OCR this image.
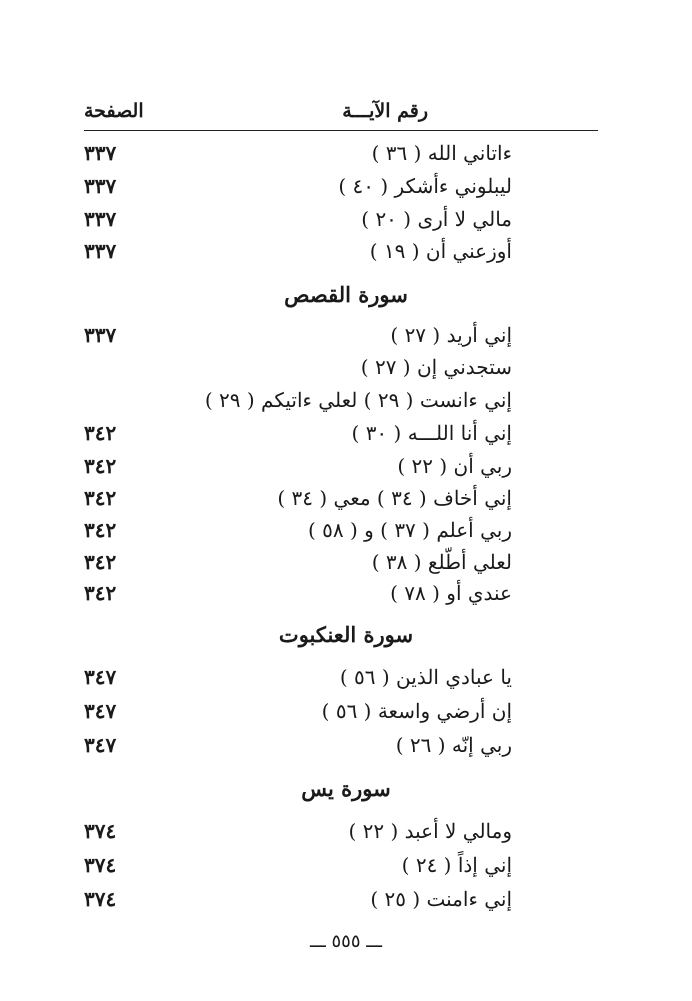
رقم الآيـــة
الصفحة
ءاتاني الله ( ٣٦ )
٣٣٧
ليبلوني ءأشكر ( ٤٠ )
٣٣٧
مالي لا أرى ( ٢٠ )
٣٣٧
أوزعني أن ( ١٩ )
٣٣٧
سورة القصص
إني أريد ( ٢٧ )
٣٣٧
ستجدني إن ( ٢٧ )
إني ءانست ( ٢٩ ) لعلي ءاتيكم ( ٢٩ )
إني أنا اللـــه ( ٣٠ )
٣٤٢
ربي أن ( ٢٢ )
٣٤٢
إني أخاف ( ٣٤ ) معي ( ٣٤ )
٣٤٢
ربي أعلم ( ٣٧ ) و ( ٥٨ )
٣٤٢
لعلي أطّلع ( ٣٨ )
٣٤٢
عندي أو ( ٧٨ )
٣٤٢
سورة العنكبوت
يا عبادي الذين ( ٥٦ )
٣٤٧
إن أرضي واسعة ( ٥٦ )
٣٤٧
ربي إنّه ( ٢٦ )
٣٤٧
سورة يس
ومالي لا أعبد ( ٢٢ )
٣٧٤
إني إذاً ( ٢٤ )
٣٧٤
إني ءامنت ( ٢٥ )
٣٧٤
ـــ ٥٥٥ ـــ
